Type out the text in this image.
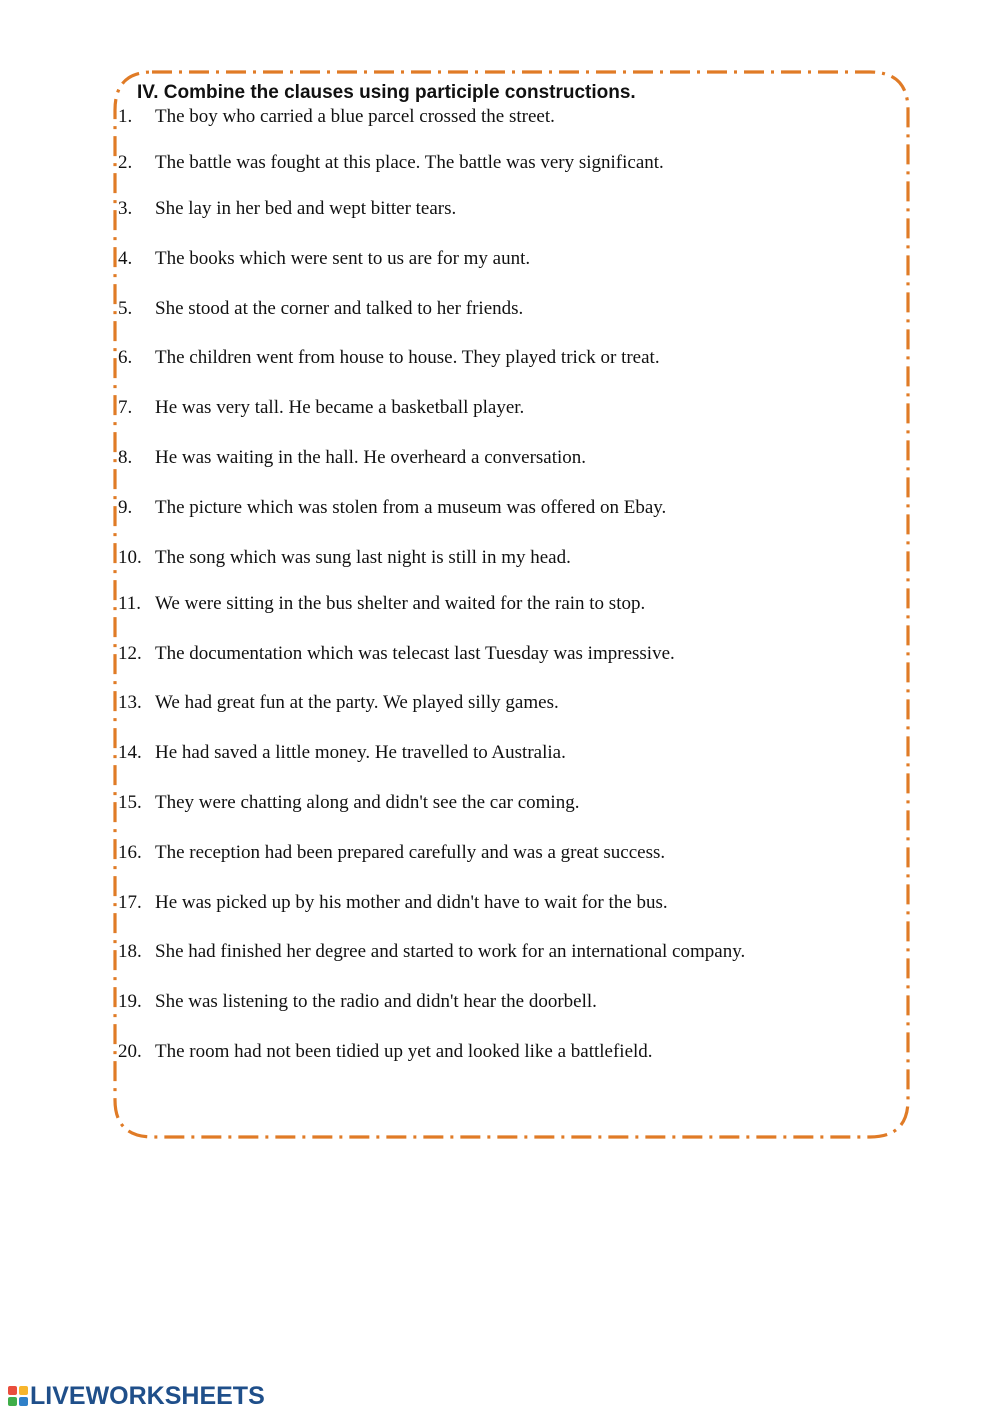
IV. Combine the clauses using participle constructions.
1. The boy who carried a blue parcel crossed the street.
2. The battle was fought at this place. The battle was very significant.
3. She lay in her bed and wept bitter tears.
4. The books which were sent to us are for my aunt.
5. She stood at the corner and talked to her friends.
6. The children went from house to house. They played trick or treat.
7. He was very tall. He became a basketball player.
8. He was waiting in the hall. He overheard a conversation.
9. The picture which was stolen from a museum was offered on Ebay.
10. The song which was sung last night is still in my head.
11. We were sitting in the bus shelter and waited for the rain to stop.
12. The documentation which was telecast last Tuesday was impressive.
13. We had great fun at the party. We played silly games.
14. He had saved a little money. He travelled to Australia.
15. They were chatting along and didn't see the car coming.
16. The reception had been prepared carefully and was a great success.
17. He was picked up by his mother and didn't have to wait for the bus.
18. She had finished her degree and started to work for an international company.
19. She was listening to the radio and didn't hear the doorbell.
20. The room had not been tidied up yet and looked like a battlefield.
LIVEWORKSHEETS
